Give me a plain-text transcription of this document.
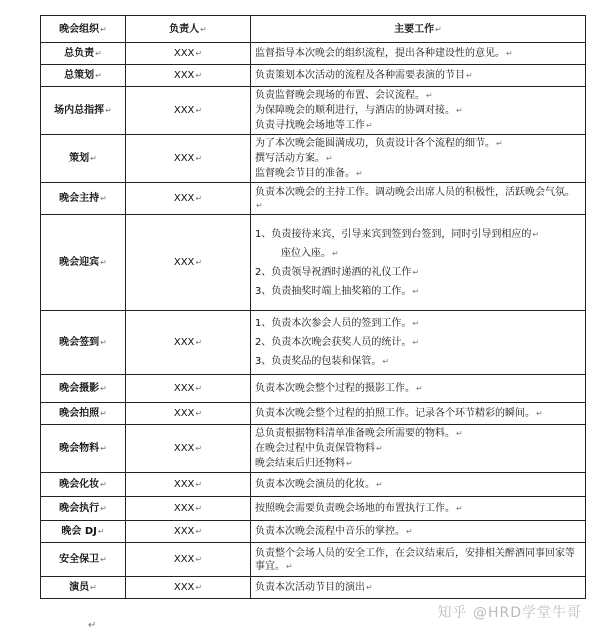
晚会组织↵	负责人↵	主要工作↵
总负责↵	XXX↵	监督指导本次晚会的组织流程，提出各种建设性的意见。↵

总策划↵	XXX↵	负责策划本次活动的流程及各种需要表演的节目↵

场内总指挥↵	XXX↵	负责监督晚会现场的布置、会议流程。↵
为保障晚会的顺利进行，与酒店的协调对接。↵
负责寻找晚会场地等工作↵

策划↵	XXX↵	为了本次晚会能圆满成功，负责设计各个流程的细节。↵
撰写活动方案。↵
监督晚会节目的准备。↵

晚会主持↵	XXX↵	负责本次晚会的主持工作。调动晚会出席人员的积极性，活跃晚会气氛。↵

晚会迎宾↵	XXX↵	1、负责接待来宾，引导来宾到签到台签到，同时引导到相应的↵
座位入座。↵
2、负责领导祝酒时递酒的礼仪工作↵
3、负责抽奖时端上抽奖箱的工作。↵

晚会签到↵	XXX↵	1、负责本次参会人员的签到工作。↵
2、负责本次晚会获奖人员的统计。↵
3、负责奖品的包装和保管。↵

晚会摄影↵	XXX↵	负责本次晚会整个过程的摄影工作。↵

晚会拍照↵	XXX↵	负责本次晚会整个过程的拍照工作。记录各个环节精彩的瞬间。↵

晚会物料↵	XXX↵	总负责根据物料清单准备晚会所需要的物料。↵
在晚会过程中负责保管物料↵
晚会结束后归还物料↵

晚会化妆↵	XXX↵	负责本次晚会演员的化妆。↵

晚会执行↵	XXX↵	按照晚会需要负责晚会场地的布置执行工作。↵

晚会 DJ↵	XXX↵	负责本次晚会流程中音乐的掌控。↵

安全保卫↵	XXX↵	负责整个会场人员的安全工作，在会议结束后，安排相关醉酒同事回家等事宜。↵

演员↵	XXX↵	负责本次活动节目的演出↵
↵
知乎 @HRD学堂牛哥
